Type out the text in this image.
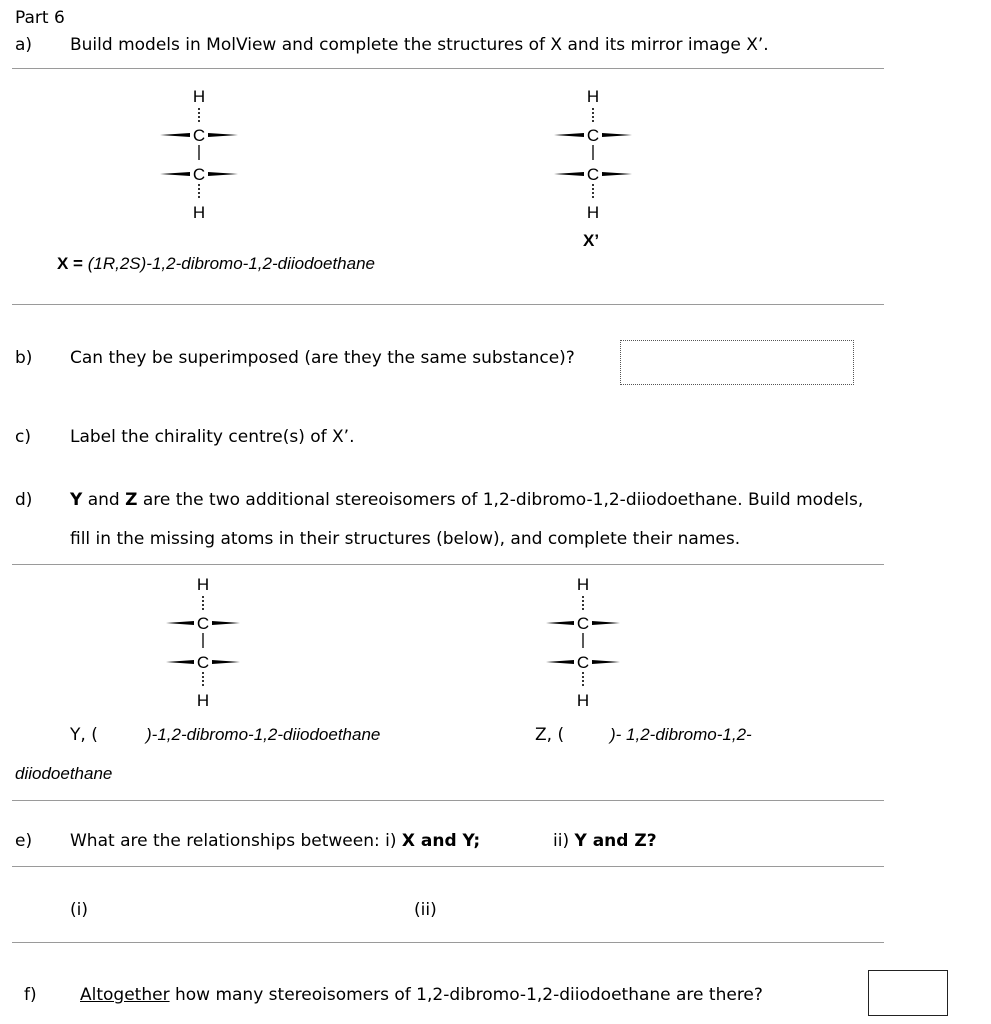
Part 6
a) Build models in MolView and complete the structures of X and its mirror image X’.
H
C
C
H
H
C
C
H
X’
X = (1R,2S)-1,2-dibromo-1,2-diiodoethane
b) Can they be superimposed (are they the same substance)?
c) Label the chirality centre(s) of X’.
d) Y and Z are the two additional stereoisomers of 1,2-dibromo-1,2-diiodoethane. Build models,
fill in the missing atoms in their structures (below), and complete their names.
H
C
C
H
H
C
C
H
Y, (	)-1,2-dibromo-1,2-diiodoethane	Z, (	)- 1,2-dibromo-1,2-
diiodoethane
e) What are the relationships between: i) X and Y;	ii) Y and Z?
(i)	(ii)
f)	Altogether how many stereoisomers of 1,2-dibromo-1,2-diiodoethane are there?
